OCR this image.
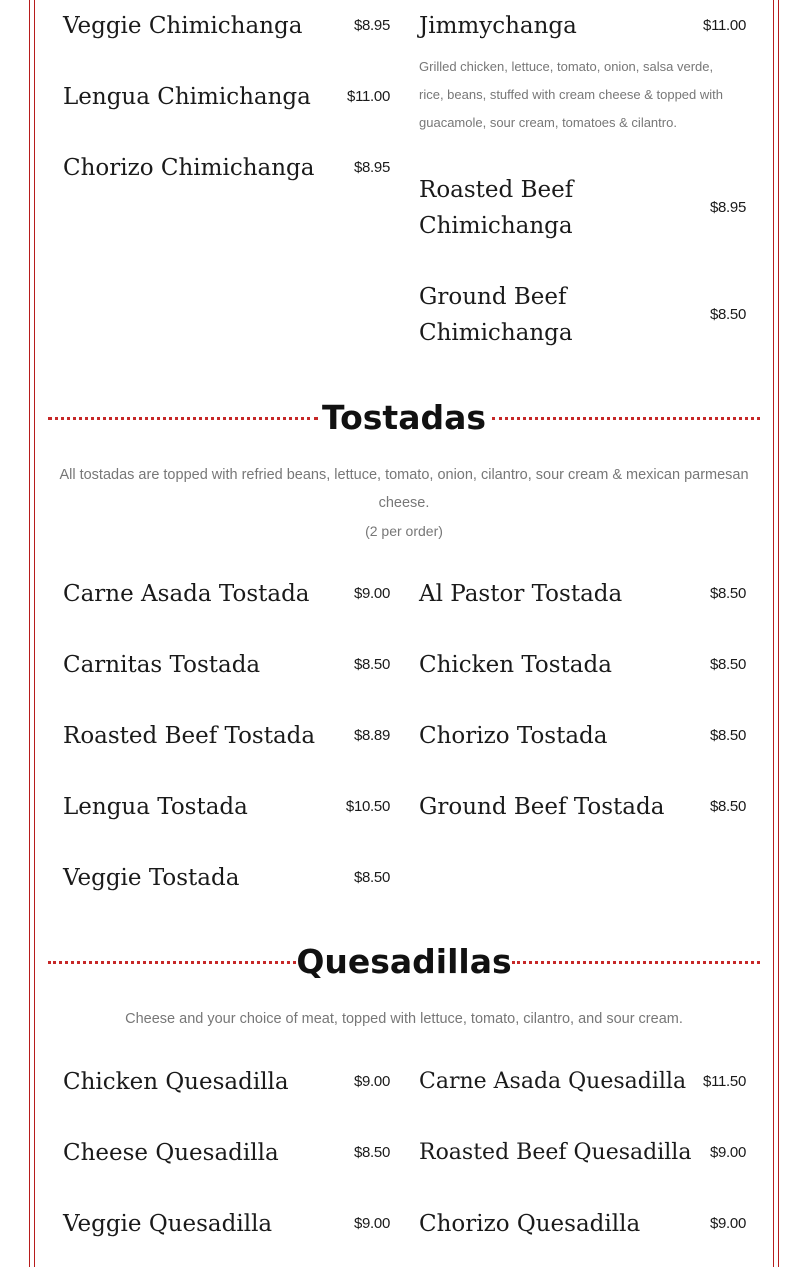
Veggie Chimichanga	$8.95
Lengua Chimichanga $11.00
Chorizo Chimichanga	$8.95
Jimmychanga	$11.00
Grilled chicken, lettuce, tomato, onion, salsa verde, rice, beans, stuffed with cream cheese & topped with guacamole, sour cream, tomatoes & cilantro.
Roasted Beef Chimichanga
$8.95
Ground Beef Chimichanga
$8.50
Tostadas
All tostadas are topped with refried beans, lettuce, tomato, onion, cilantro, sour cream & mexican parmesan cheese.
(2 per order)
Carne Asada Tostada	$9.00
Carnitas Tostada	$8.50
Roasted Beef Tostada	$8.89
Lengua Tostada	$10.50
Veggie Tostada	$8.50
Al Pastor Tostada	$8.50
Chicken Tostada	$8.50
Chorizo Tostada	$8.50
Ground Beef Tostada	$8.50
Quesadillas
Cheese and your choice of meat, topped with lettuce, tomato, cilantro, and sour cream.
Chicken Quesadilla	$9.00
Cheese Quesadilla	$8.50
Veggie Quesadilla	$9.00
Carne Asada Quesadilla $11.50
Roasted Beef Quesadilla $9.00
Chorizo Quesadilla	$9.00
